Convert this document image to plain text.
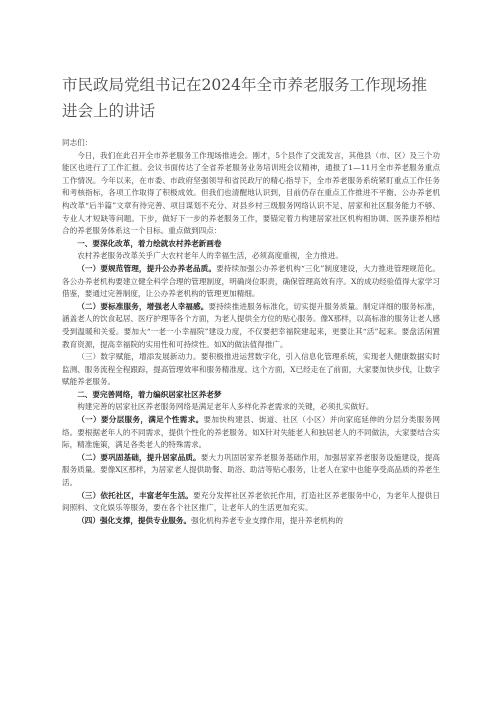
市民政局党组书记在2024年全市养老服务工作现场推进会上的讲话

同志们：

今日，我们在此召开全市养老服务工作现场推进会。刚才，5个县作了交流发言，其他县（市、区）及三个功能区也进行了工作汇报。会议书面传达了全省养老服务业务培训班会议精神，通报了1—11月全市养老服务重点工作情况。今年以来，在市委、市政府坚强领导和省民政厅的精心指导下，全市养老服务系统紧盯重点工作任务和考核指标，各项工作取得了积极成效。但我们也清醒地认识到，目前仍存在重点工作推进不平衡、公办养老机构改革“后半篇”文章有待完善、项目谋划不充分、对县乡村三级服务网络认识不足、居家和社区服务能力不够、专业人才短缺等问题。下步，做好下一步的养老服务工作，要锚定着力构建居家社区机构相协调、医养康养相结合的养老服务体系这一个目标。重点做到四点：

一、要深化改革，着力绘就农村养老新画卷

农村养老服务改革关乎广大农村老年人的幸福生活，必须高度重视，全力推进。

（一）要规范管理，提升公办养老品质。要持续加强公办养老机构“三化”制度建设，大力推进管理规范化。各公办养老机构要建立健全科学合理的管理制度，明确岗位职责，确保管理高效有序。X的成功经验值得大家学习借鉴，要通过完善制度，让公办养老机构的管理更加精细。

（二）要标准服务，增强老人幸福感。要持续推进服务标准化，切实提升服务质量。制定详细的服务标准，涵盖老人的饮食起居、医疗护理等各个方面，为老人提供全方位的贴心服务。像X那样，以高标准的服务让老人感受到温暖和关爱。要加大“一老一小幸福院”建设力度，不仅要把幸福院建起来，更要让其“活”起来。要盘活闲置教育资源，提高幸福院的实用性和可持续性。如X的做法值得推广。

（三）数字赋能，增添发展新动力。要积极推进运营数字化，引入信息化管理系统，实现老人健康数据实时监测、服务流程全程跟踪，提高管理效率和服务精准度。这个方面，X已经走在了前面，大家要加快步伐，让数字赋能养老服务。

二、要完善网络，着力编织居家社区养老梦

构建完善的居家社区养老服务网络是满足老年人多样化养老需求的关键，必须扎实做好。

（一）要分层服务，满足个性需求。要加快构建县、街道、社区（小区）并向家庭延伸的分层分类服务网络。要根据老年人的不同需求，提供个性化的养老服务。如X针对失能老人和独居老人的不同做法，大家要结合实际，精准施策，满足各类老人的特殊需求。

（二）要巩固基础，提升居家品质。要大力巩固居家养老服务基础作用，加强居家养老服务设施建设，提高服务质量。要像X区那样，为居家老人提供助餐、助浴、助洁等贴心服务，让老人在家中也能享受高品质的养老生活。

（三）依托社区，丰富老年生活。要充分发挥社区养老依托作用，打造社区养老服务中心，为老年人提供日间照料、文化娱乐等服务，要在各个社区推广，让老年人的生活更加充实。

（四）强化支撑，提供专业服务。强化机构养老专业支撑作用，提升养老机构的
